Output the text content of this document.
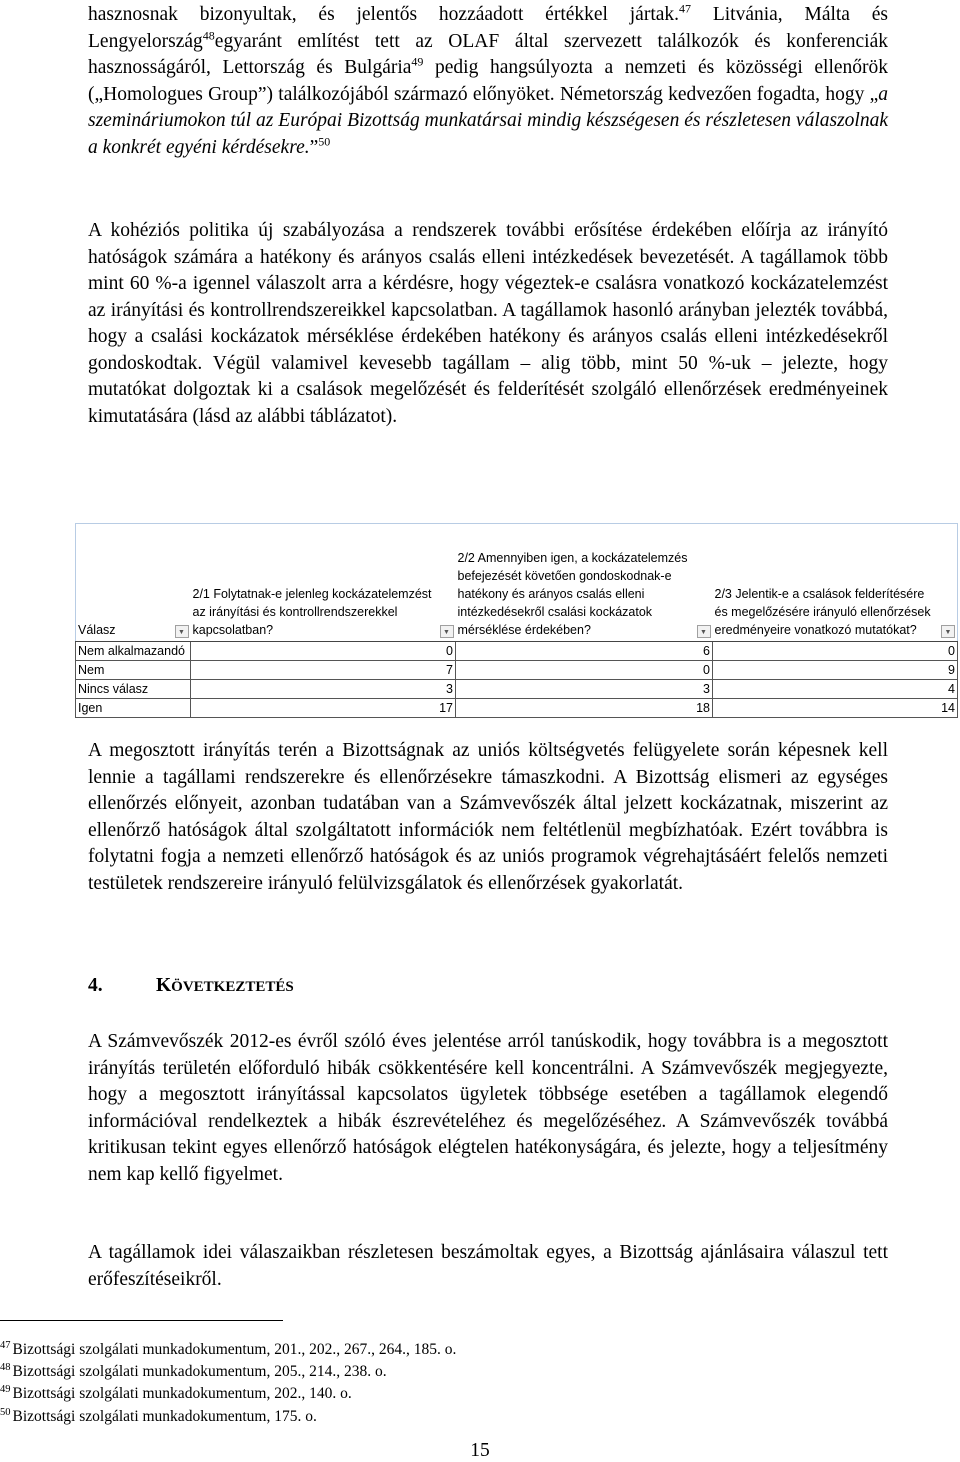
hasznosnak bizonyultak, és jelentős hozzáadott értékkel jártak.$^{47}$ Litvánia, Málta és Lengyelország$^{48}$egyaránt említést tett az OLAF által szervezett találkozók és konferenciák hasznosságáról, Lettország és Bulgária$^{49}$ pedig hangsúlyozta a nemzeti és közösségi ellenőrök („Homologues Group”) találkozójából származó előnyöket. Németország kedvezően fogadta, hogy „a szemináriumokon túl az Európai Bizottság munkatársai mindig készségesen és részletesen válaszolnak a konkrét egyéni kérdésekre.”$^{50}$

A kohéziós politika új szabályozása a rendszerek további erősítése érdekében előírja az irányító hatóságok számára a hatékony és arányos csalás elleni intézkedések bevezetését. A tagállamok több mint 60 %-a igennel válaszolt arra a kérdésre, hogy végeztek-e csalásra vonatkozó kockázatelemzést az irányítási és kontrollrendszereikkel kapcsolatban. A tagállamok hasonló arányban jelezték továbbá, hogy a csalási kockázatok mérséklése érdekében hatékony és arányos csalás elleni intézkedésekről gondoskodtak. Végül valamivel kevesebb tagállam – alig több, mint 50 %-uk – jelezte, hogy mutatókat dolgoztak ki a csalások megelőzését és felderítését szolgáló ellenőrzések eredményeinek kimutatására (lásd az alábbi táblázatot).

Válasz ▼	2/1 Folytatnak-e jelenleg kockázatelemzést az irányítási és kontrollrendszerekkel kapcsolatban? ▼	2/2 Amennyiben igen, a kockázatelemzés befejezését követően gondoskodnak-e hatékony és arányos csalás elleni intézkedésekről csalási kockázatok mérséklése érdekében? ▼	2/3 Jelentik-e a csalások felderítésére és megelőzésére irányuló ellenőrzések eredményeire vonatkozó mutatókat? ▼

Nem alkalmazandó	0	6	0
Nem	7	0	9
Nincs válasz	3	3	4
Igen	17	18	14

A megosztott irányítás terén a Bizottságnak az uniós költségvetés felügyelete során képesnek kell lennie a tagállami rendszerekre és ellenőrzésekre támaszkodni. A Bizottság elismeri az egységes ellenőrzés előnyeit, azonban tudatában van a Számvevőszék által jelzett kockázatnak, miszerint az ellenőrző hatóságok által szolgáltatott információk nem feltétlenül megbízhatóak. Ezért továbbra is folytatni fogja a nemzeti ellenőrző hatóságok és az uniós programok végrehajtásáért felelős nemzeti testületek rendszereire irányuló felülvizsgálatok és ellenőrzések gyakorlatát.

4.	KÖVETKEZTETÉS

A Számvevőszék 2012-es évről szóló éves jelentése arról tanúskodik, hogy továbbra is a megosztott irányítás területén előforduló hibák csökkentésére kell koncentrálni. A Számvevőszék megjegyezte, hogy a megosztott irányítással kapcsolatos ügyletek többsége esetében a tagállamok elegendő információval rendelkeztek a hibák észrevételéhez és megelőzéséhez. A Számvevőszék továbbá kritikusan tekint egyes ellenőrző hatóságok elégtelen hatékonyságára, és jelezte, hogy a teljesítmény nem kap kellő figyelmet.

A tagállamok idei válaszaikban részletesen beszámoltak egyes, a Bizottság ajánlásaira válaszul tett erőfeszítéseikről.

$^{47}$ Bizottsági szolgálati munkadokumentum, 201., 202., 267., 264., 185. o.
$^{48}$ Bizottsági szolgálati munkadokumentum, 205., 214., 238. o.
$^{49}$ Bizottsági szolgálati munkadokumentum, 202., 140. o.
$^{50}$ Bizottsági szolgálati munkadokumentum, 175. o.
15
